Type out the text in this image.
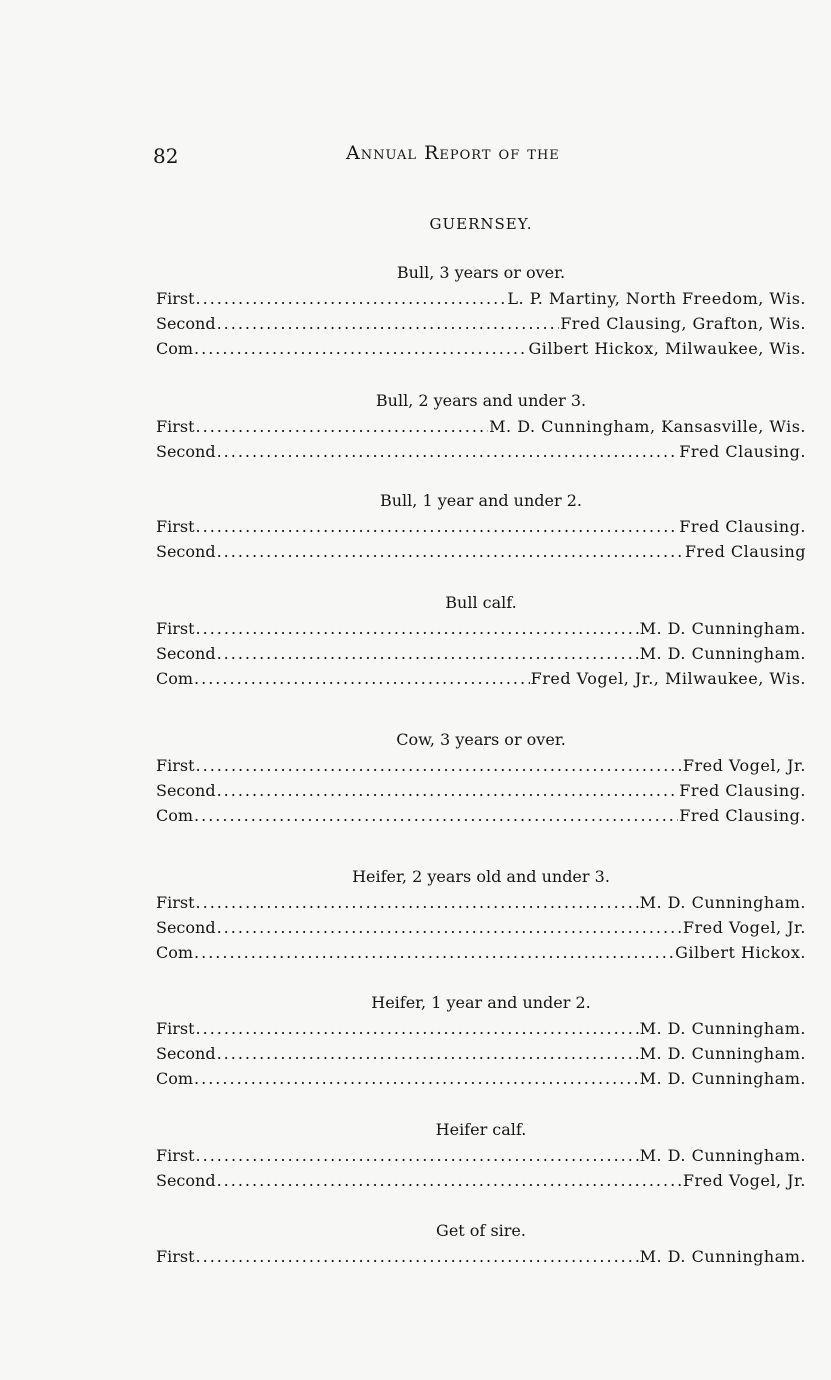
82	Annual Report of the
GUERNSEY.
Bull, 3 years or over.
First .....	L. P. Martiny, North Freedom, Wis.
Second .....	Fred Clausing, Grafton, Wis.
Com .....	Gilbert Hickox, Milwaukee, Wis.
Bull, 2 years and under 3.
First .....	M. D. Cunningham, Kansasville, Wis.
Second .....	Fred Clausing.
Bull, 1 year and under 2.
First .....	Fred Clausing.
Second .....	Fred Clausing
Bull calf.
First .....	M. D. Cunningham.
Second .....	M. D. Cunningham.
Com .....	Fred Vogel, Jr., Milwaukee, Wis.
Cow, 3 years or over.
First .....	Fred Vogel, Jr.
Second .....	Fred Clausing.
Com .....	Fred Clausing.
Heifer, 2 years old and under 3.
First .....	M. D. Cunningham.
Second .....	Fred Vogel, Jr.
Com .....	Gilbert Hickox.
Heifer, 1 year and under 2.
First .....	M. D. Cunningham.
Second .....	M. D. Cunningham.
Com .....	M. D. Cunningham.
Heifer calf.
First .....	M. D. Cunningham.
Second .....	Fred Vogel, Jr.
Get of sire.
First .....	M. D. Cunningham.
